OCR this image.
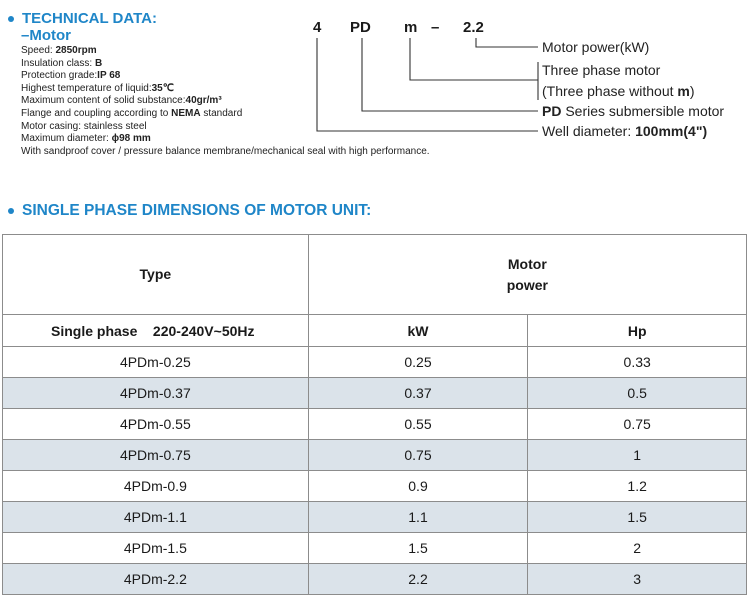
TECHNICAL DATA:
–Motor
Speed: 2850rpm
Insulation class: B
Protection grade:IP 68
Highest temperature of liquid:35℃
Maximum content of solid substance:40gr/m³
Flange and coupling according to NEMA standard
Motor casing: stainless steel
Maximum diameter: ϕ98 mm
With sandproof cover / pressure balance membrane/mechanical seal with high performance.
4 PD m – 2.2
Motor power(kW)
Three phase motor
(Three phase without m)
PD Series submersible motor
Well diameter: 100mm(4")
SINGLE PHASE DIMENSIONS OF MOTOR UNIT:
Type	Motor
power	
Single phase 220-240V~50Hz	kW	Hp
4PDm-0.25	0.25	0.33
4PDm-0.37	0.37	0.5
4PDm-0.55	0.55	0.75
4PDm-0.75	0.75	1
4PDm-0.9	0.9	1.2
4PDm-1.1	1.1	1.5
4PDm-1.5	1.5	2
4PDm-2.2	2.2	3
